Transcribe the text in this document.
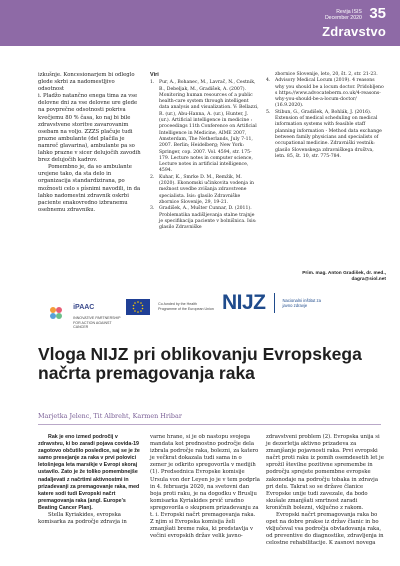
Revija ISIS
December 2020 35
Zdravstvo
izkušnje. Koncesionarjem bi odleglo
glede skrbi za nadomestljivo odsotnost
i. Pladžo natančno enega tima za vse
delovne dni za vse delovne ure glede
na povprečne odsotnosti pokriva
kvečjemu 80 % časa, ko naj bi bile
zdravstvene storitve zavarovanim
osebam na voljo. ZZZS plačuje tudi
prazne ambulante (del plačila je
namreč glavarina), ambulante pa so
lahko prazne v sicer delujočih zavodih
brez delujočih kadrov.

Pomembno je, da so ambulante urejene tako, da sta delo in organizacija standardizirana, po možnosti celo s písnimi navodili, in da lahko nadomestni zdravnik oskrbi paciente enakovredno izbranemu osebnemu zdravniku.

Viri
1.	Pur, A., Bohanec, M., Lavrač, N., Cestnik, B., Debeljak, M., Gradišek, A. (2007). Monitoring human resources of a public health-care system through intelligent data analysis and visualization. V: Bellazzi, R. (ur.), Abu-Hanna, A. (ur.), Hunter, J. (ur.). Artificial intelligence in medicine : proceedings 11th Conference on Artificial Intelligence in Medicine, AIME 2007, Amsterdam, The Netherlands, July 7-11, 2007. Berlin; Heidelberg; New York: Springer, cop. 2007. Vol. 4594, str. 175-179. Lecture notes in computer science, Lecture notes in artificial intelligence, 4594.
2.	Kuhar, K., Smrke D. M., Remžik, M. (2020). Ekonomski učinkovita vodenja in mežnost uvedbe zvišanja zdravstvene specialista. Isis: glasilo Zdravniške zbornice Slovenije, 29, 19-21.
3.	Gradišek, A., Mušter Cunnar, D. (2011). Problematika nadišljevanja stalne trajnje je specifikacija paciente v bolnišnica. Isis: glasilo Zdravniške
zbornice Slovenije, leto, 20, št. 2, str. 21-23.
4.	Advisory Medical Locum (2019). 4 reasons why you should be a locum doctor. Pridobljeno s https://www.advocateberm.co.uk/4-reasons-why-you-should-be-a-locum-doctor/ (16.9.2020).
5.	Stibun, G., Gradišek, A, Bohlák, J. (2016). Extension of medical scheduling on medical information systems with feasible staff planning information - Method data exchange between family physicians and specialists of occupational medicine. Zdravniški vestnik: glasilo Slovenskega zdravniškega društva, letn. 85, št. 10, str. 775-784.
Prim. mag. Anton Gradišek, dr. med.,
dagra@siol.net
iPAAC
INNOVATIVE PARTNERSHIP FOR ACTION AGAINST CANCER
Co-funded by the Health Programme of the European Union NIJZ	Nacionalni inštitut za javno zdravje
Vloga NIJZ pri oblikovanju Evropskega načrta premagovanja raka
Marjetka Jelenc, Tit Albreht, Karmen Hribar

Rak je eno izmed področij v zdravstvu, ki bo zaradi pojava covida-19 zagotovo občutilo posledice, saj se je že samo presejanje za raka v prvi polovici letošnjega leta marsikje v Evropi skoraj ustavilo. Zato je že toliko pomembnejše nadaljevati z načrtimi aktivnostmi in prizadevanji za premagovanje raka, med katere sodi tudi Evropski načrt premagovanja raka (angl. Europe's Beating Cancer Plan).

Stella Kyriakides, evropska komisarka za področje zdravja in

varne hrane, si je ob nastopu svojega mandata kot prednostno področje dela izbrala področje raka, bolezni, za katero je večkrat dokazala tudi sama in o zemer je odkrito spregovorila v medijih (1). Predsednica Evropske komisije Ursula von der Leyen jo je v tem podprla in 4. februarja 2020, na svetovni dan boja proti raku, je na dogodku v Bruslju komisarka Kyriakides prvič uradno spregovorila o skupnem prizadevanju za t. i. Evropski načrt premagovanja raka. Z njim si Evropska komisija želi zmanjšati breme raka, ki predstavlja v večini evropskih držav velik javno-

zdravstveni problem (2). Evropska unija si je dezerletja aktivno prizadeva za zmanjšanje pojavnosti raka. Prvi evropski načrt proti raku iz pomih osemdesetih let je sprožil številne pozitivne spremembe in področju sprejete pomembne evropske zakonodaje na področju tobaka in zdravja pri delu. Takrat so se države članice Evropske unije tudi zavezale, da bodo skušale zmanjšati smrtnost zaradi kroničnih bolezni, vključno z rakom.

Evropski načrt premagovanja raka bo opet na dobre prakse iz držav članic in bo vključeval vsa področja obvladovanja raka, od preventive do diagnostike, zdravljenja in celostne rehabilitacije. K zasnovi novega
